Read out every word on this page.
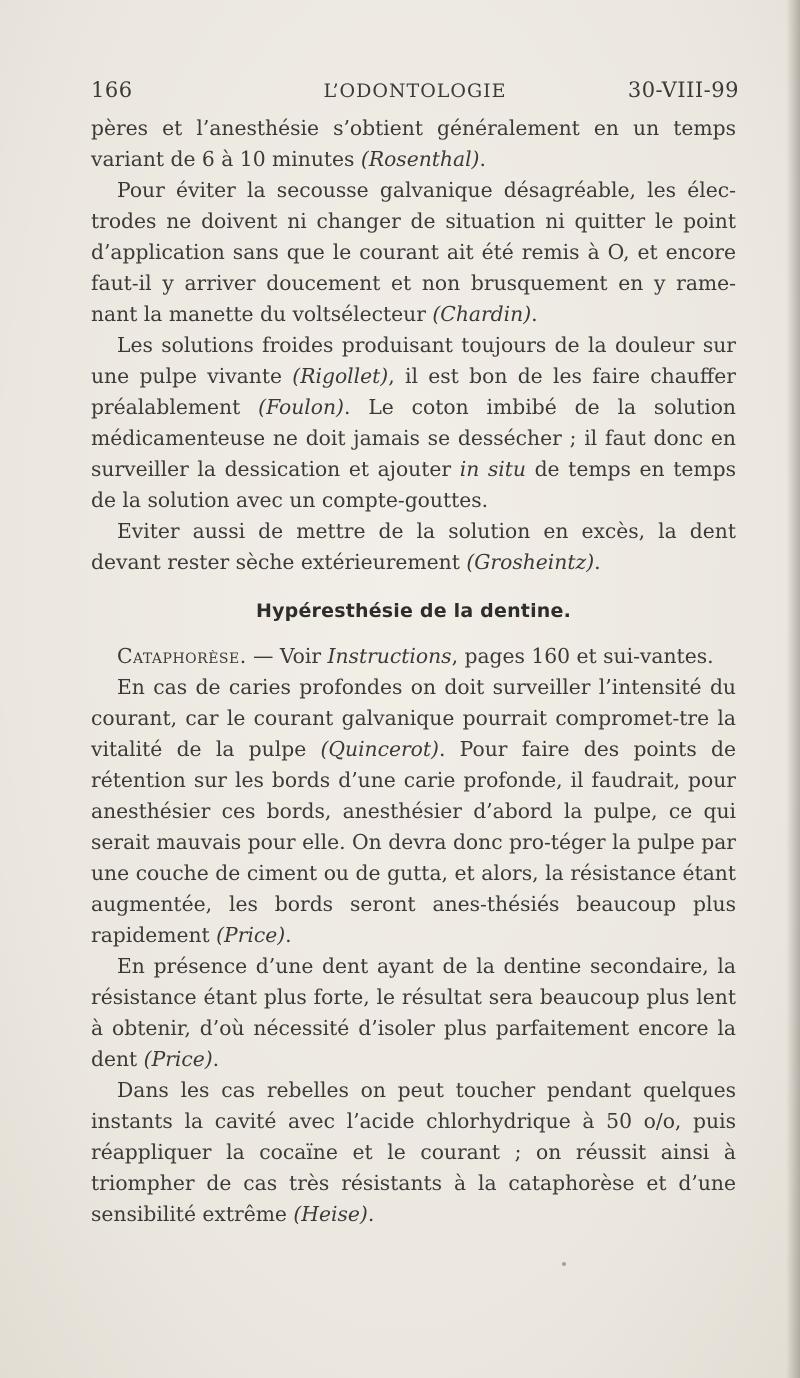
166	L’ODONTOLOGIE	30-VIII-99

pères et l’anesthésie s’obtient généralement en un temps variant de 6 à 10 minutes (Rosenthal).

Pour éviter la secousse galvanique désagréable, les élec-trodes ne doivent ni changer de situation ni quitter le point d’application sans que le courant ait été remis à O, et encore faut-il y arriver doucement et non brusquement en y rame-nant la manette du voltsélecteur (Chardin).

Les solutions froides produisant toujours de la douleur sur une pulpe vivante (Rigollet), il est bon de les faire chauffer préalablement (Foulon). Le coton imbibé de la solution médicamenteuse ne doit jamais se dessécher ; il faut donc en surveiller la dessication et ajouter in situ de temps en temps de la solution avec un compte-gouttes.

Eviter aussi de mettre de la solution en excès, la dent devant rester sèche extérieurement (Grosheintz).

Hypéresthésie de la dentine.

Cataphorèse. — Voir Instructions, pages 160 et sui-vantes.

En cas de caries profondes on doit surveiller l’intensité du courant, car le courant galvanique pourrait compromet-tre la vitalité de la pulpe (Quincerot). Pour faire des points de rétention sur les bords d’une carie profonde, il faudrait, pour anesthésier ces bords, anesthésier d’abord la pulpe, ce qui serait mauvais pour elle. On devra donc pro-téger la pulpe par une couche de ciment ou de gutta, et alors, la résistance étant augmentée, les bords seront anes-thésiés beaucoup plus rapidement (Price).

En présence d’une dent ayant de la dentine secondaire, la résistance étant plus forte, le résultat sera beaucoup plus lent à obtenir, d’où nécessité d’isoler plus parfaitement encore la dent (Price).

Dans les cas rebelles on peut toucher pendant quelques instants la cavité avec l’acide chlorhydrique à 50 o/o, puis réappliquer la cocaïne et le courant ; on réussit ainsi à triompher de cas très résistants à la cataphorèse et d’une sensibilité extrême (Heise).
